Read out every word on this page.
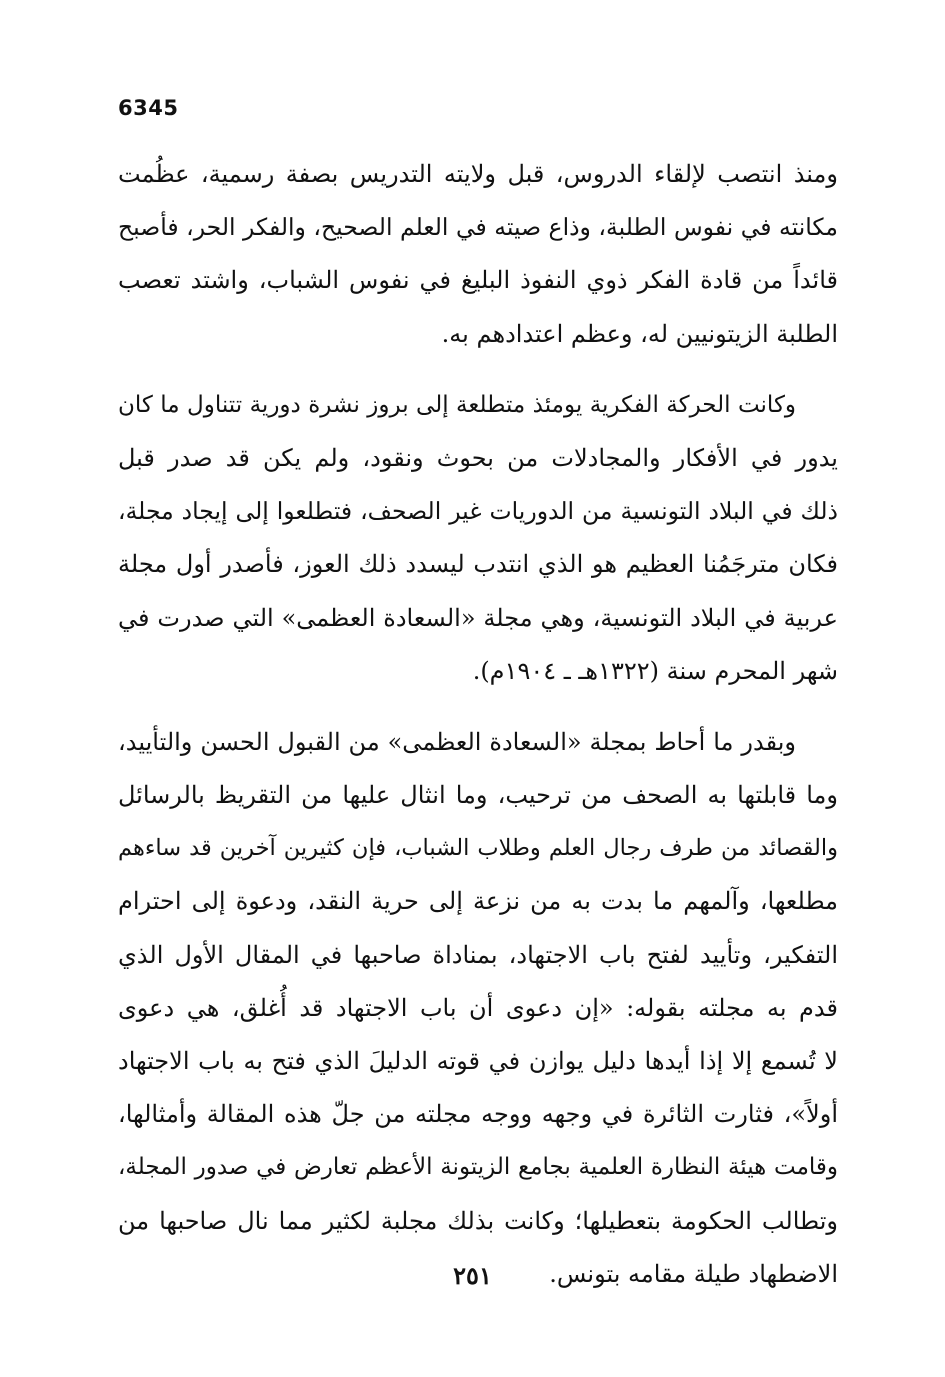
6345

ومنذ انتصب لإلقاء الدروس، قبل ولايته التدريس بصفة رسمية، عظُمت
مكانته في نفوس الطلبة، وذاع صيته في العلم الصحيح، والفكر الحر، فأصبح
قائداً من قادة الفكر ذوي النفوذ البليغ في نفوس الشباب، واشتد تعصب
الطلبة الزيتونيين له، وعظم اعتدادهم به.

وكانت الحركة الفكرية يومئذ متطلعة إلى بروز نشرة دورية تتناول ما كان
يدور في الأفكار والمجادلات من بحوث ونقود، ولم يكن قد صدر قبل
ذلك في البلاد التونسية من الدوريات غير الصحف، فتطلعوا إلى إيجاد مجلة،
فكان مترجَمُنا العظيم هو الذي انتدب ليسدد ذلك العوز، فأصدر أول مجلة
عربية في البلاد التونسية، وهي مجلة «السعادة العظمى» التي صدرت في
شهر المحرم سنة (١٣٢٢هـ ـ ١٩٠٤م).

وبقدر ما أحاط بمجلة «السعادة العظمى» من القبول الحسن والتأييد،
وما قابلتها به الصحف من ترحيب، وما انثال عليها من التقريظ بالرسائل
والقصائد من طرف رجال العلم وطلاب الشباب، فإن كثيرين آخرين قد ساءهم
مطلعها، وآلمهم ما بدت به من نزعة إلى حرية النقد، ودعوة إلى احترام
التفكير، وتأييد لفتح باب الاجتهاد، بمناداة صاحبها في المقال الأول الذي
قدم به مجلته بقوله: «إن دعوى أن باب الاجتهاد قد أُغلق، هي دعوى
لا تُسمع إلا إذا أيدها دليل يوازن في قوته الدليلَ الذي فتح به باب الاجتهاد
أولاً»، فثارت الثائرة في وجهه ووجه مجلته من جلّ هذه المقالة وأمثالها،
وقامت هيئة النظارة العلمية بجامع الزيتونة الأعظم تعارض في صدور المجلة،
وتطالب الحكومة بتعطيلها؛ وكانت بذلك مجلبة لكثير مما نال صاحبها من
الاضطهاد طيلة مقامه بتونس.

٢٥١
